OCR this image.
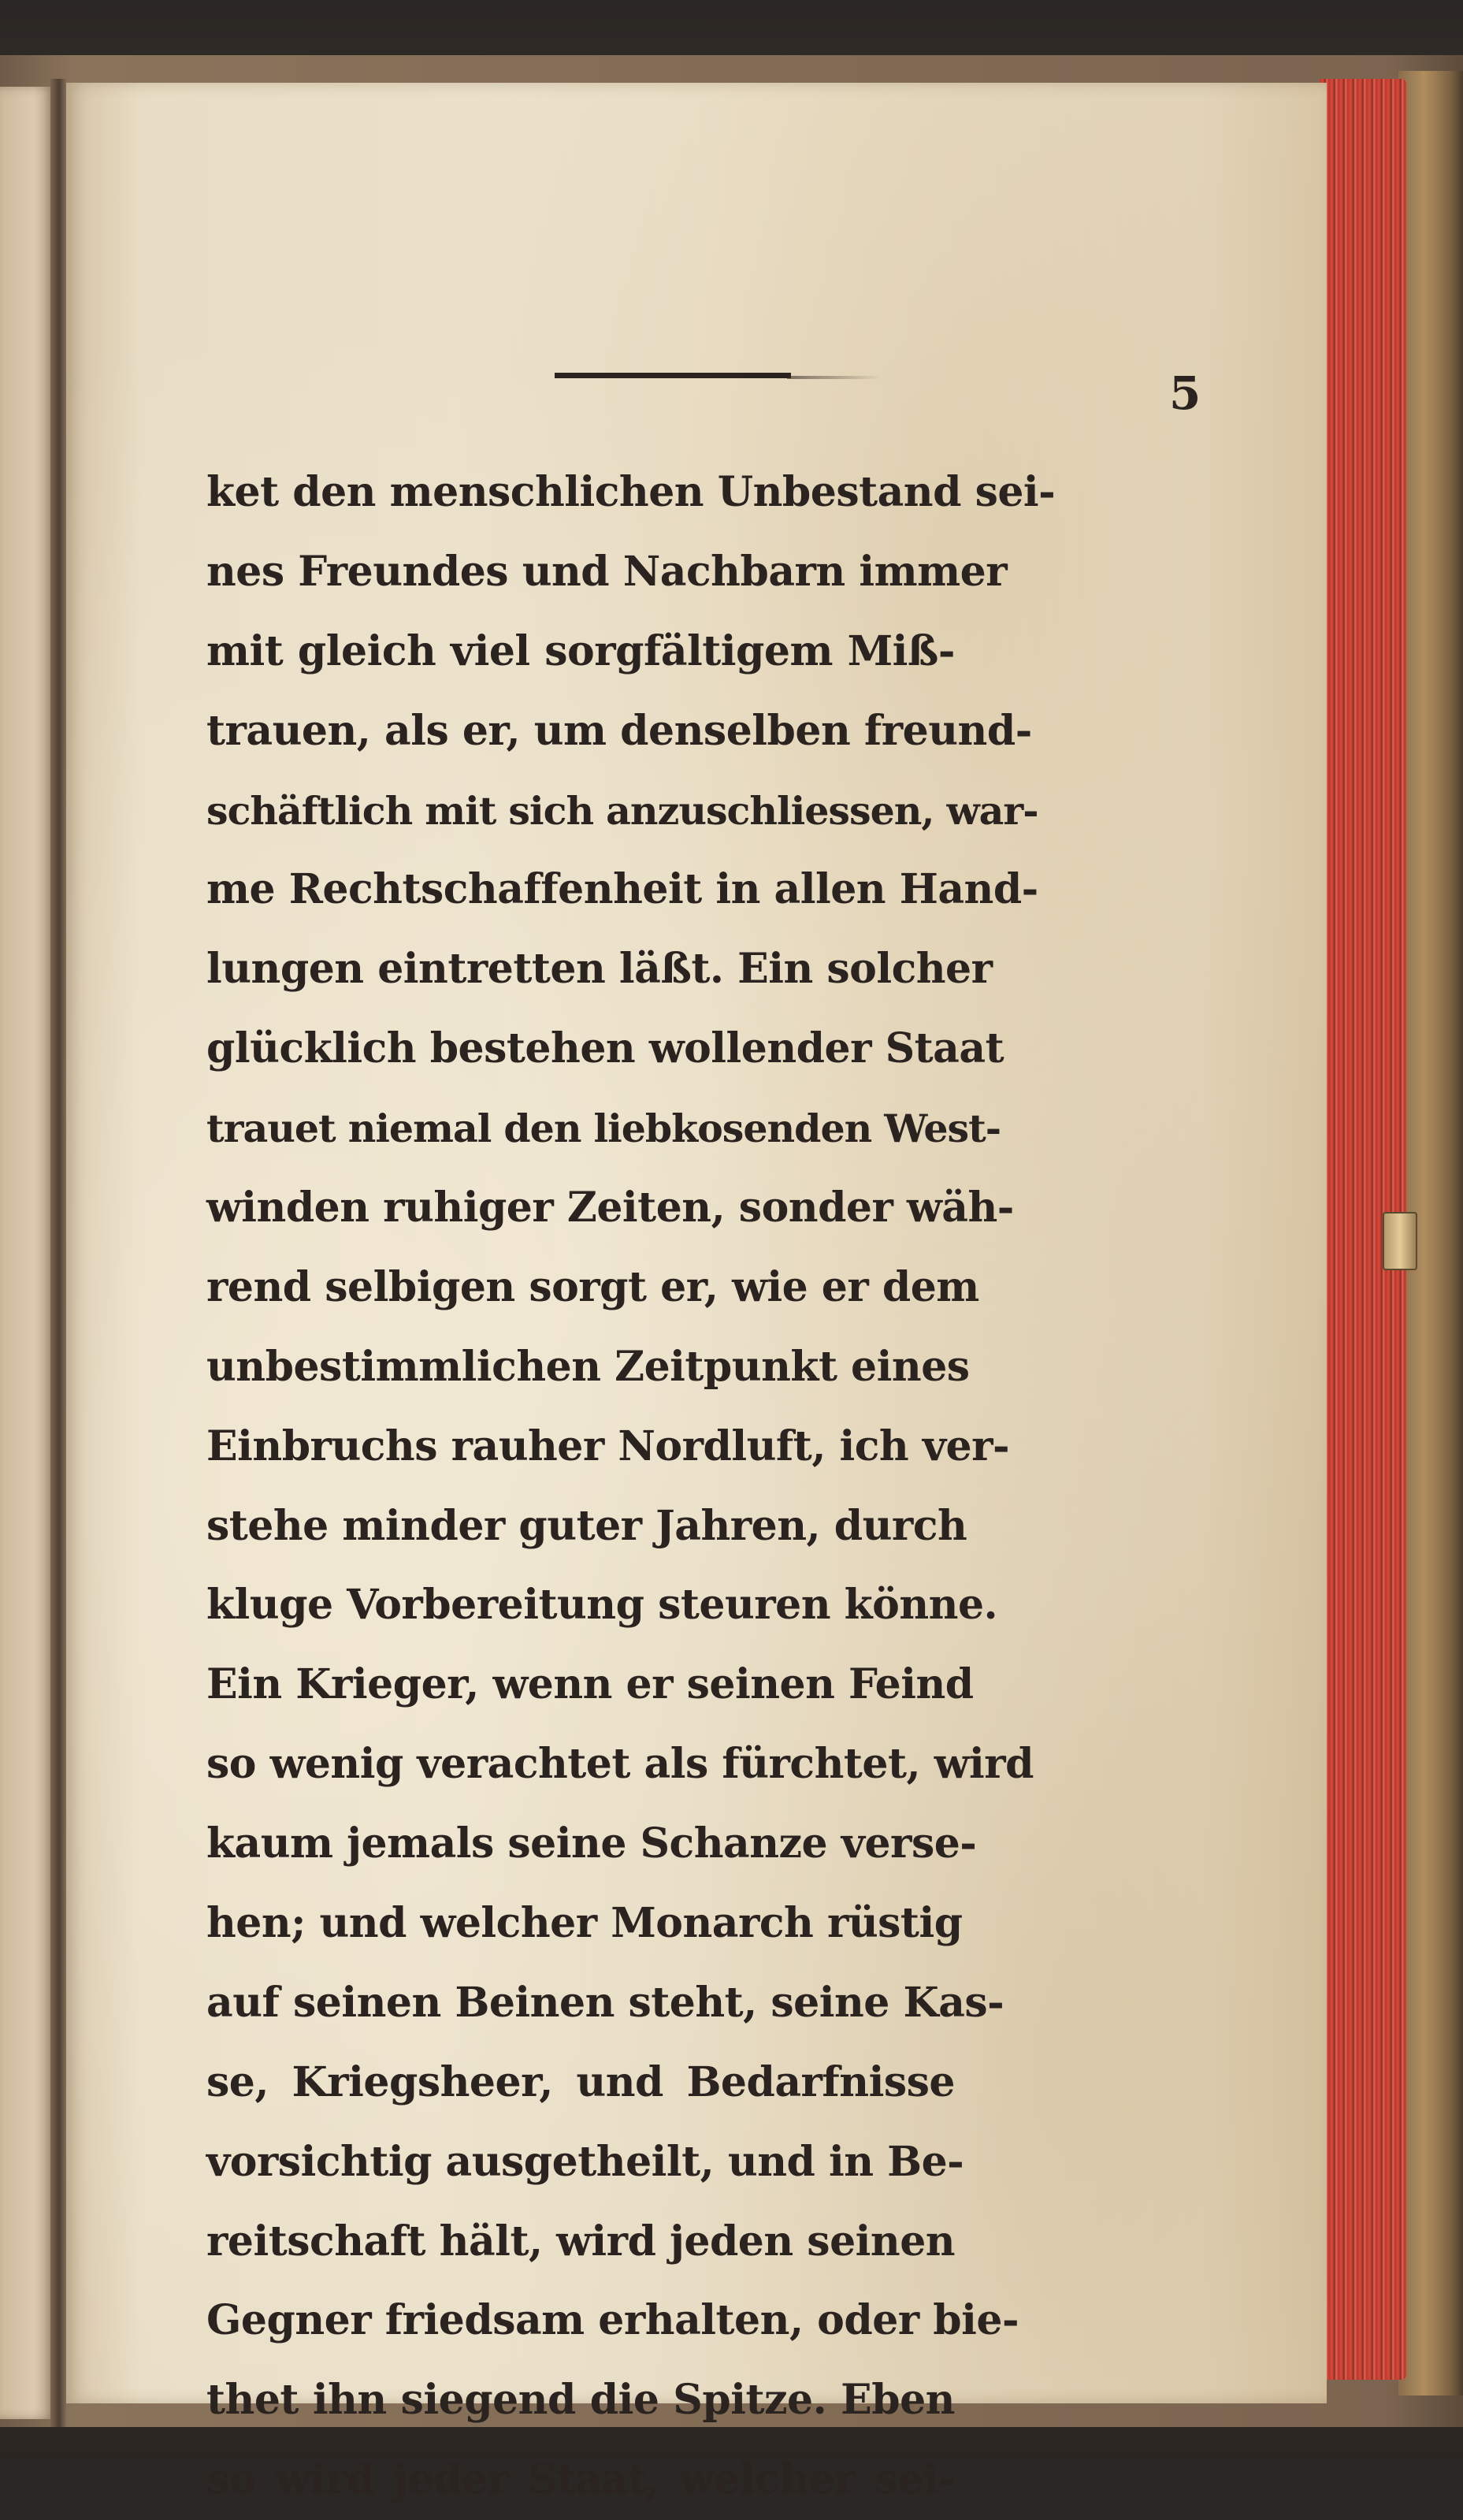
5
ket den menschlichen Unbestand sei-
nes Freundes und Nachbarn immer
mit gleich viel sorgfältigem Miß-
trauen, als er, um denselben freund-
schäftlich mit sich anzuschliessen, war-
me Rechtschaffenheit in allen Hand-
lungen eintretten läßt. Ein solcher
glücklich bestehen wollender Staat
trauet niemal den liebkosenden West-
winden ruhiger Zeiten, sonder wäh-
rend selbigen sorgt er, wie er dem
unbestimmlichen Zeitpunkt eines
Einbruchs rauher Nordluft, ich ver-
stehe minder guter Jahren, durch
kluge Vorbereitung steuren könne.
Ein Krieger, wenn er seinen Feind
so wenig verachtet als fürchtet, wird
kaum jemals seine Schanze verse-
hen; und welcher Monarch rüstig
auf seinen Beinen steht, seine Kas-
se, Kriegsheer, und Bedarfnisse
vorsichtig ausgetheilt, und in Be-
reitschaft hält, wird jeden seinen
Gegner friedsam erhalten, oder bie-
thet ihn siegend die Spitze. Eben
so wird jeder Staat, welcher sei-
